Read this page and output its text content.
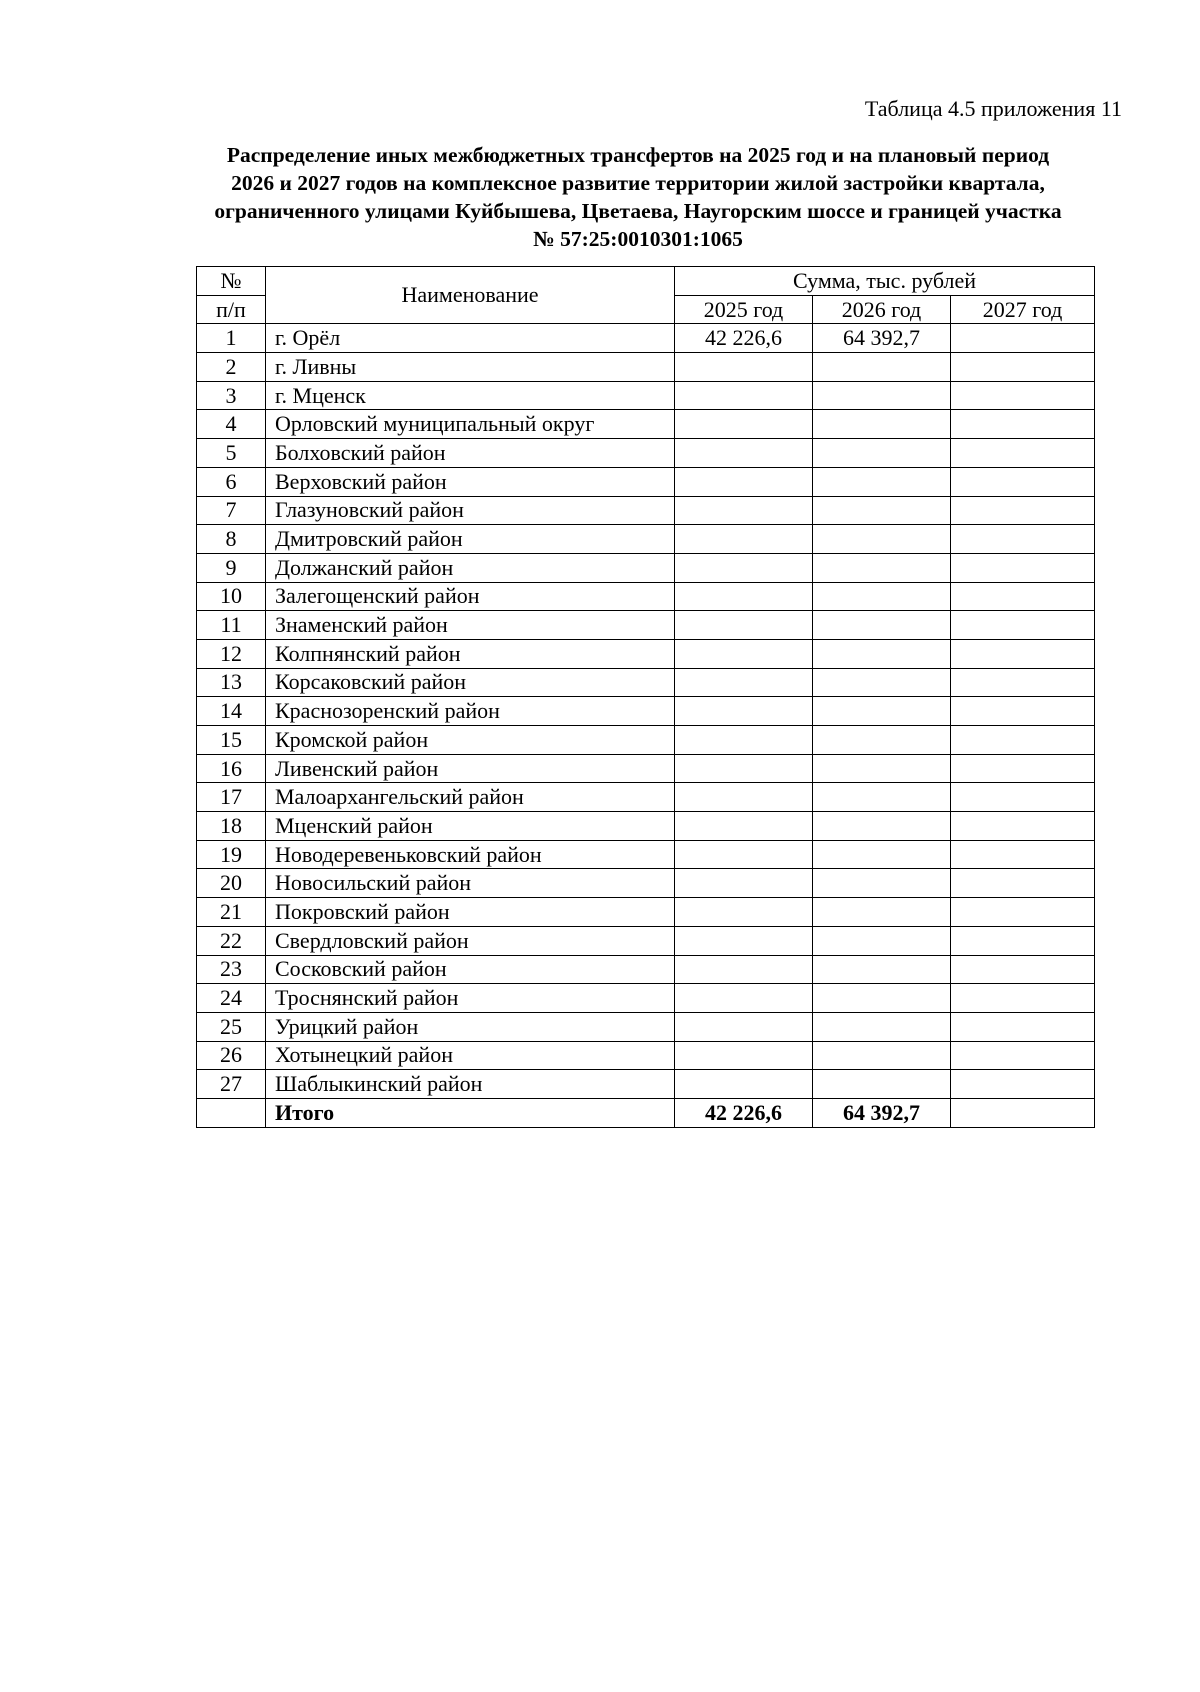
Таблица 4.5 приложения 11
Распределение иных межбюджетных трансфертов на 2025 год и на плановый период
2026 и 2027 годов на комплексное развитие территории жилой застройки квартала,
ограниченного улицами Куйбышева, Цветаева, Наугорским шоссе и границей участка
№ 57:25:0010301:1065
№	Наименование	Сумма, тыс. рублей		
п/п		2025 год	2026 год	2027 год
1	г. Орёл	42 226,6	64 392,7	
2	г. Ливны			
3	г. Мценск			
4	Орловский муниципальный округ			
5	Болховский район			
6	Верховский район			
7	Глазуновский район			
8	Дмитровский район			
9	Должанский район			
10	Залегощенский район			
11	Знаменский район			
12	Колпнянский район			
13	Корсаковский район			
14	Краснозоренский район			
15	Кромской район			
16	Ливенский район			
17	Малоархангельский район			
18	Мценский район			
19	Новодеревеньковский район			
20	Новосильский район			
21	Покровский район			
22	Свердловский район			
23	Сосковский район			
24	Троснянский район			
25	Урицкий район			
26	Хотынецкий район			
27	Шаблыкинский район			
	Итого	42 226,6	64 392,7	
